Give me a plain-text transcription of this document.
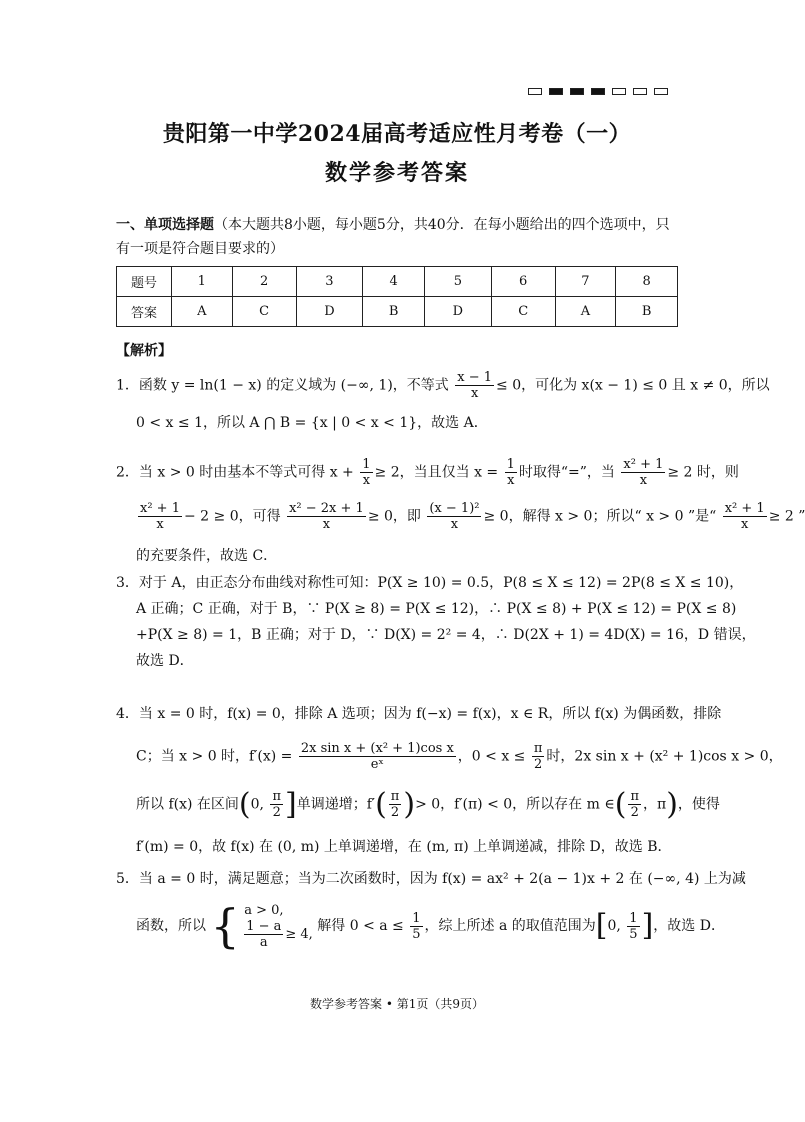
贵阳第一中学2024届高考适应性月考卷（一）
数学参考答案
一、单项选择题（本大题共8小题，每小题5分，共40分．在每小题给出的四个选项中，只
有一项是符合题目要求的）
题号	1	2	3	4	5	6	7	8
答案	A	C	D	B	D	C	A	B
【解析】
1．函数 y = ln(1 − x) 的定义域为 (−∞, 1)，不等式 $\frac{x - 1}{x} \le 0$，可化为 x(x − 1) ≤ 0 且 x ≠ 0，所以
0 < x ≤ 1，所以 A ⋂ B = {x | 0 < x < 1}，故选 A．
2．当 x > 0 时由基本不等式可得 $x + \frac{1}{x} \ge 2$，当且仅当 $x = \frac{1}{x}$ 时取得“=”，当 $\frac{\text{x² + 1}}{x} \ge 2$ 时，则
$\frac{\text{x² + 1}}{x} - 2 \ge 0$，可得 $\frac{\text{x² − 2x + 1}}{x} \ge 0$，即 $\frac{\text{(x − 1)²}}{x} \ge 0$，解得 x > 0；所以“ x > 0 ”是“ $\frac{\text{x² + 1}}{x} \ge 2$ ”
的充要条件，故选 C．
3．对于 A，由正态分布曲线对称性可知：P(X ≥ 10) = 0.5，P(8 ≤ X ≤ 12) = 2P(8 ≤ X ≤ 10)，
A 正确；C 正确，对于 B，∵ P(X ≥ 8) = P(X ≤ 12)，∴ P(X ≤ 8) + P(X ≤ 12) = P(X ≤ 8)
+P(X ≥ 8) = 1，B 正确；对于 D，∵ D(X) = 2² = 4，∴ D(2X + 1) = 4D(X) = 16，D 错误，
故选 D．
4．当 x = 0 时，f(x) = 0，排除 A 选项；因为 f(−x) = f(x)，x ∈ R，所以 f(x) 为偶函数，排除
C；当 x > 0 时，$f'(x) = \frac{\text{2x sin x + (x² + 1)cos x}}{\text{eˣ}}$ ，$0 < x \le \frac{\pi}{2}$ 时，2x sin x + (x² + 1)cos x > 0，
所以 f(x) 在区间(0, $\frac{\pi}{2}$ ]单调递增；$f'( \frac{\pi}{2}$ )> 0，f′(π) < 0，所以存在 m ∈( $\frac{\pi}{2}$ ，π)，使得
f′(m) = 0，故 f(x) 在 (0, m) 上单调递增，在 (m, π) 上单调递减，排除 D，故选 B．
5．当 a = 0 时，满足题意；当为二次函数时，因为 f(x) = ax² + 2(a − 1)x + 2 在 (−∞, 4) 上为减
函数，所以 { a > 0,

$\frac{1 - a}{a} \ge 4$, 解得 $0 < a \le \frac{1}{5}$ ，综上所述 a 的取值范围为[0, $\frac{1}{5}$ ]，故选 D．
数学参考答案 • 第1页（共9页）
